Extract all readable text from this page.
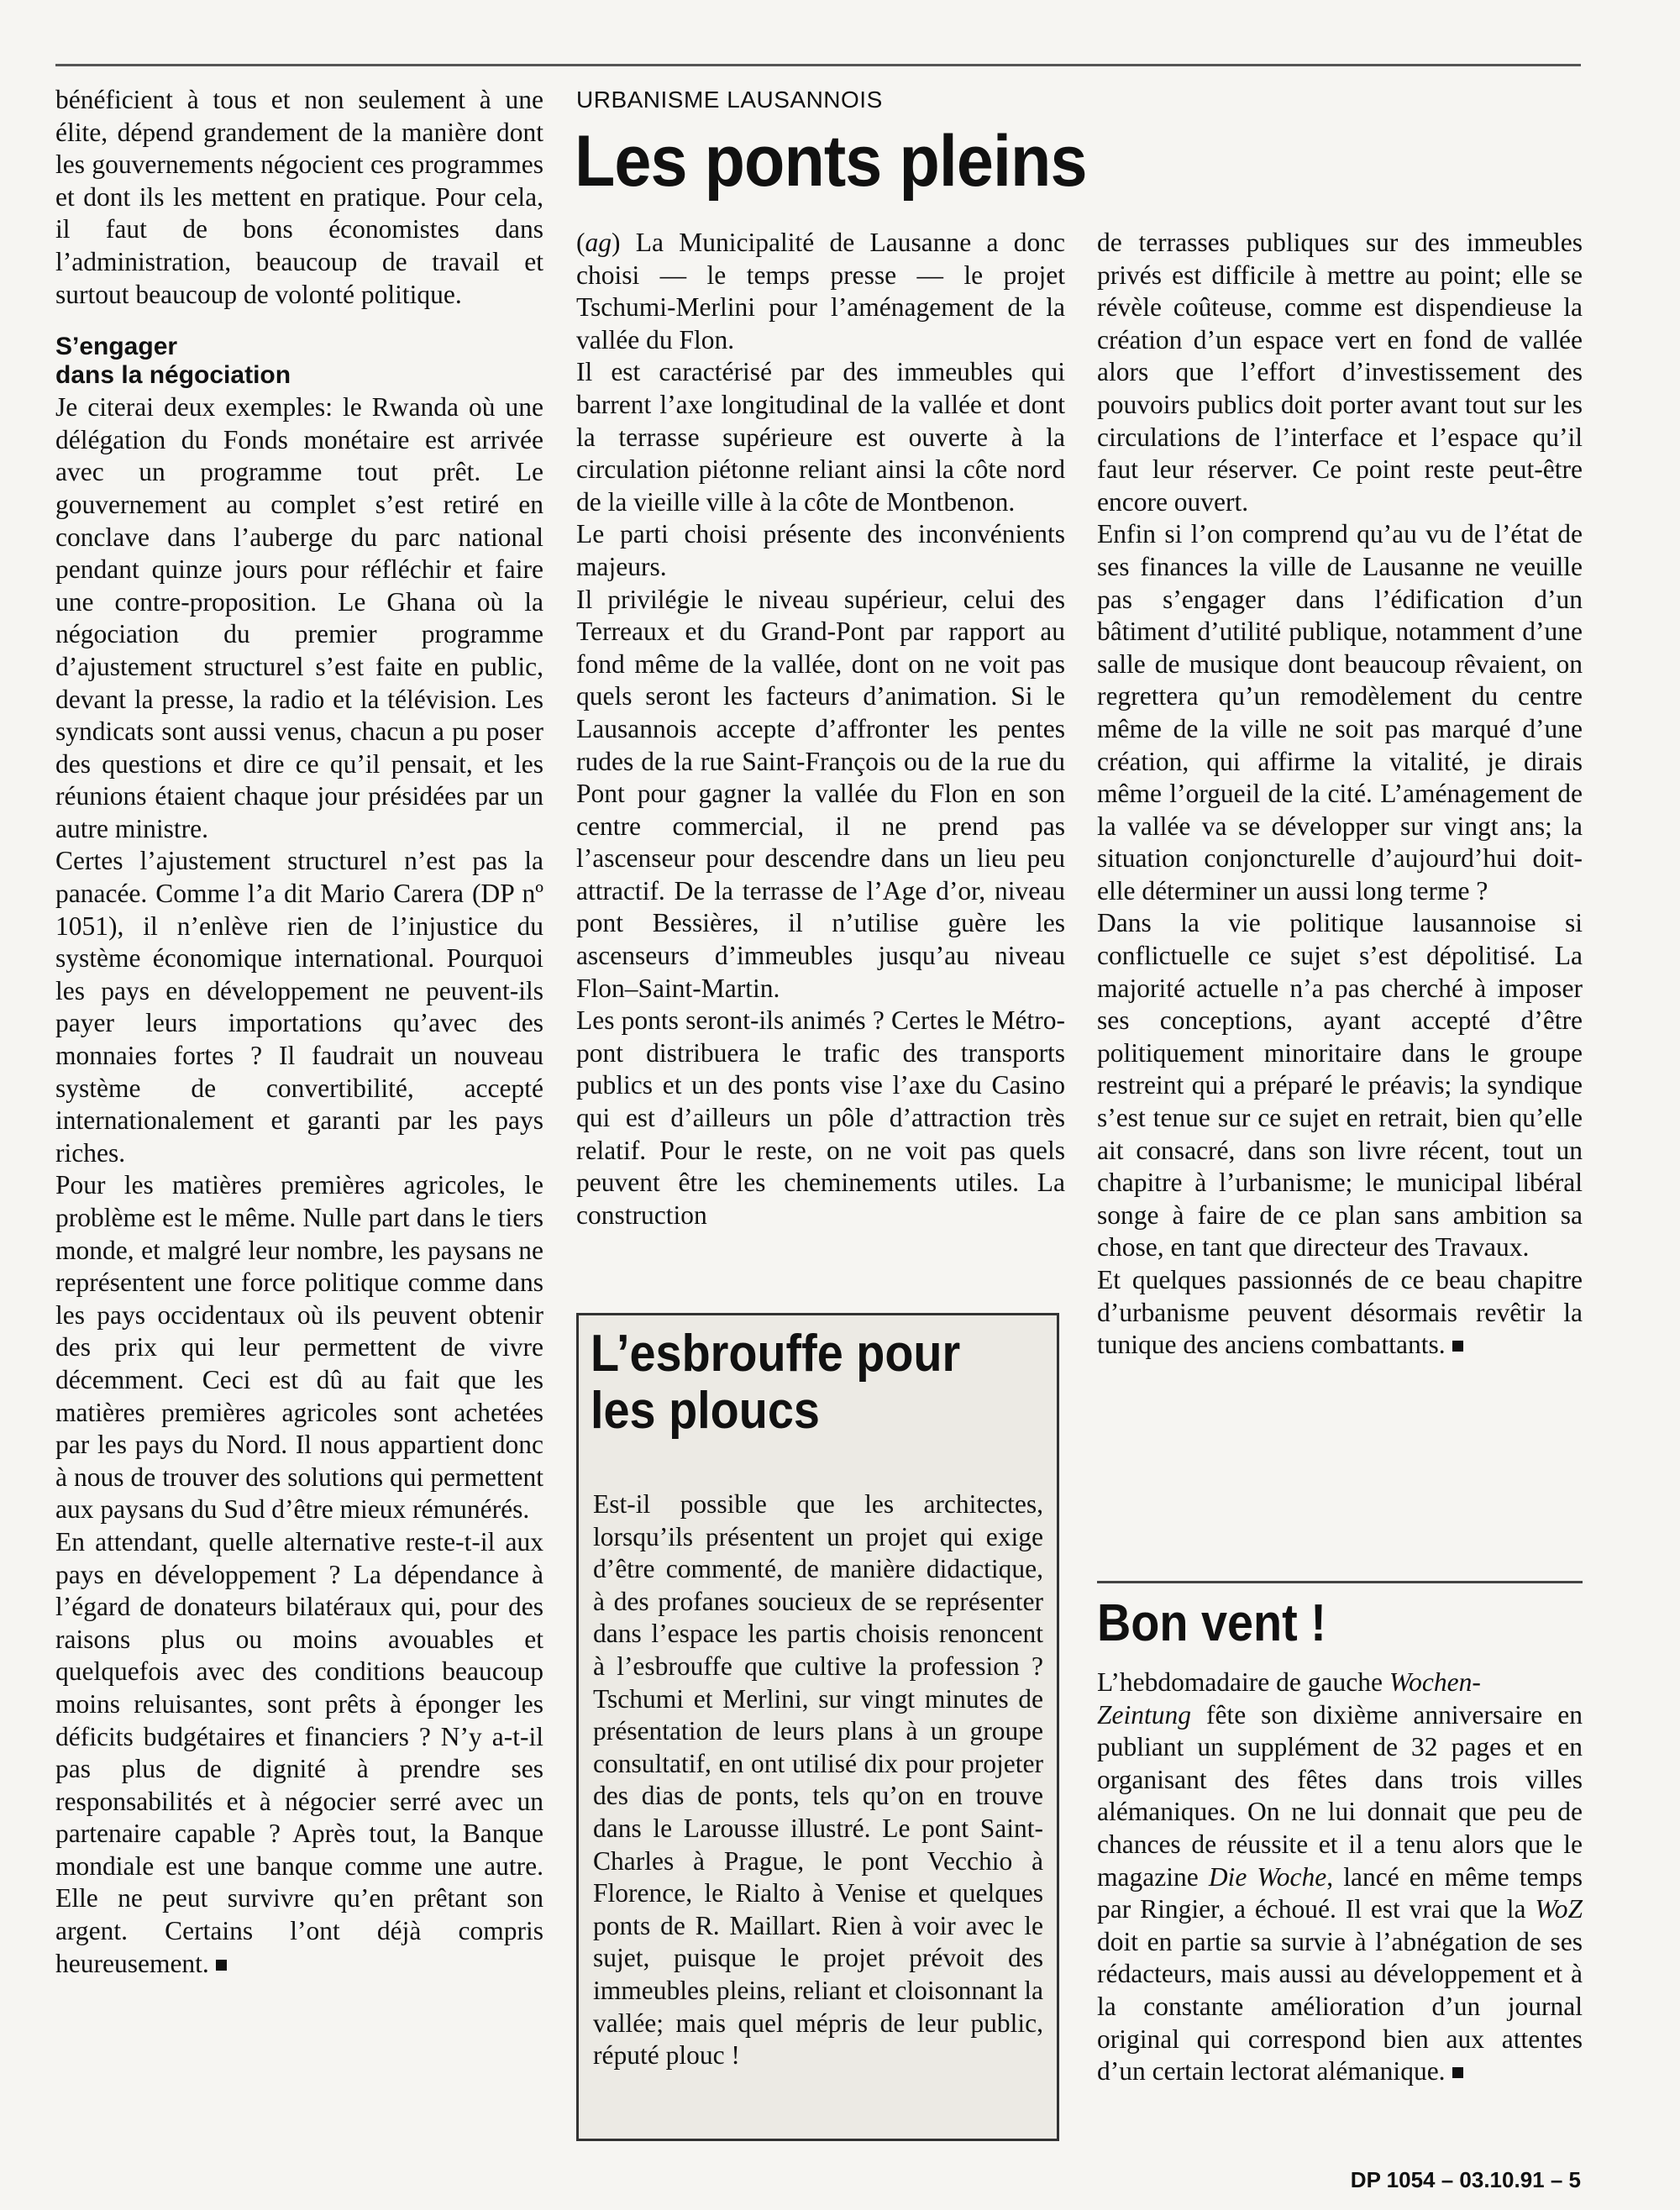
bénéficient à tous et non seulement à une élite, dépend grandement de la manière dont les gouvernements négocient ces programmes et dont ils les mettent en pratique. Pour cela, il faut de bons économistes dans l’administration, beaucoup de travail et surtout beaucoup de volonté politique.

S’engager
dans la négociation

Je citerai deux exemples: le Rwanda où une délégation du Fonds monétaire est arrivée avec un programme tout prêt. Le gouvernement au complet s’est retiré en conclave dans l’auberge du parc national pendant quinze jours pour réfléchir et faire une contre-proposition. Le Ghana où la négociation du premier programme d’ajustement structurel s’est faite en public, devant la presse, la radio et la télévision. Les syndicats sont aussi venus, chacun a pu poser des questions et dire ce qu’il pensait, et les réunions étaient chaque jour présidées par un autre ministre.

Certes l’ajustement structurel n’est pas la panacée. Comme l’a dit Mario Carera (DP nº 1051), il n’enlève rien de l’injustice du système économique international. Pourquoi les pays en développement ne peuvent-ils payer leurs importations qu’avec des monnaies fortes ? Il faudrait un nouveau système de convertibilité, accepté internationalement et garanti par les pays riches.

Pour les matières premières agricoles, le problème est le même. Nulle part dans le tiers monde, et malgré leur nombre, les paysans ne représentent une force politique comme dans les pays occidentaux où ils peuvent obtenir des prix qui leur permettent de vivre décemment. Ceci est dû au fait que les matières premières agricoles sont achetées par les pays du Nord. Il nous appartient donc à nous de trouver des solutions qui permettent aux paysans du Sud d’être mieux rémunérés.

En attendant, quelle alternative reste-t-il aux pays en développement ? La dépendance à l’égard de donateurs bilatéraux qui, pour des raisons plus ou moins avouables et quelquefois avec des conditions beaucoup moins reluisantes, sont prêts à éponger les déficits budgétaires et financiers ? N’y a-t-il pas plus de dignité à prendre ses responsabilités et à négocier serré avec un partenaire capable ? Après tout, la Banque mondiale est une banque comme une autre. Elle ne peut survivre qu’en prêtant son argent. Certains l’ont déjà compris heureusement.

URBANISME LAUSANNOIS
Les ponts pleins

(ag) La Municipalité de Lausanne a donc choisi — le temps presse — le projet Tschumi-Merlini pour l’aménagement de la vallée du Flon.

Il est caractérisé par des immeubles qui barrent l’axe longitudinal de la vallée et dont la terrasse supérieure est ouverte à la circulation piétonne reliant ainsi la côte nord de la vieille ville à la côte de Montbenon.

Le parti choisi présente des inconvénients majeurs.

Il privilégie le niveau supérieur, celui des Terreaux et du Grand-Pont par rapport au fond même de la vallée, dont on ne voit pas quels seront les facteurs d’animation. Si le Lausannois accepte d’affronter les pentes rudes de la rue Saint-François ou de la rue du Pont pour gagner la vallée du Flon en son centre commercial, il ne prend pas l’ascenseur pour descendre dans un lieu peu attractif. De la terrasse de l’Age d’or, niveau pont Bessières, il n’utilise guère les ascenseurs d’immeubles jusqu’au niveau Flon–Saint-Martin.

Les ponts seront-ils animés ? Certes le Métro-pont distribuera le trafic des transports publics et un des ponts vise l’axe du Casino qui est d’ailleurs un pôle d’attraction très relatif. Pour le reste, on ne voit pas quels peuvent être les cheminements utiles. La construction

L’esbrouffe pour
les ploucs

Est-il possible que les architectes, lorsqu’ils présentent un projet qui exige d’être commenté, de manière didactique, à des profanes soucieux de se représenter dans l’espace les partis choisis renoncent à l’esbrouffe que cultive la profession ? Tschumi et Merlini, sur vingt minutes de présentation de leurs plans à un groupe consultatif, en ont utilisé dix pour projeter des dias de ponts, tels qu’on en trouve dans le Larousse illustré. Le pont Saint-Charles à Prague, le pont Vecchio à Florence, le Rialto à Venise et quelques ponts de R. Maillart. Rien à voir avec le sujet, puisque le projet prévoit des immeubles pleins, reliant et cloisonnant la vallée; mais quel mépris de leur public, réputé plouc !

de terrasses publiques sur des immeubles privés est difficile à mettre au point; elle se révèle coûteuse, comme est dispendieuse la création d’un espace vert en fond de vallée alors que l’effort d’investissement des pouvoirs publics doit porter avant tout sur les circulations de l’interface et l’espace qu’il faut leur réserver. Ce point reste peut-être encore ouvert.

Enfin si l’on comprend qu’au vu de l’état de ses finances la ville de Lausanne ne veuille pas s’engager dans l’édification d’un bâtiment d’utilité publique, notamment d’une salle de musique dont beaucoup rêvaient, on regrettera qu’un remodèlement du centre même de la ville ne soit pas marqué d’une création, qui affirme la vitalité, je dirais même l’orgueil de la cité. L’aménagement de la vallée va se développer sur vingt ans; la situation conjoncturelle d’aujourd’hui doit-elle déterminer un aussi long terme ?

Dans la vie politique lausannoise si conflictuelle ce sujet s’est dépolitisé. La majorité actuelle n’a pas cherché à imposer ses conceptions, ayant accepté d’être politiquement minoritaire dans le groupe restreint qui a préparé le préavis; la syndique s’est tenue sur ce sujet en retrait, bien qu’elle ait consacré, dans son livre récent, tout un chapitre à l’urbanisme; le municipal libéral songe à faire de ce plan sans ambition sa chose, en tant que directeur des Travaux.

Et quelques passionnés de ce beau chapitre d’urbanisme peuvent désormais revêtir la tunique des anciens combattants.

Bon vent !

L’hebdomadaire de gauche Wochen-
Zeintung fête son dixième anniversaire en publiant un supplément de 32 pages et en organisant des fêtes dans trois villes alémaniques. On ne lui donnait que peu de chances de réussite et il a tenu alors que le magazine Die Woche, lancé en même temps par Ringier, a échoué. Il est vrai que la WoZ doit en partie sa survie à l’abnégation de ses rédacteurs, mais aussi au développement et à la constante amélioration d’un journal original qui correspond bien aux attentes d’un certain lectorat alémanique.

DP 1054 – 03.10.91 – 5
